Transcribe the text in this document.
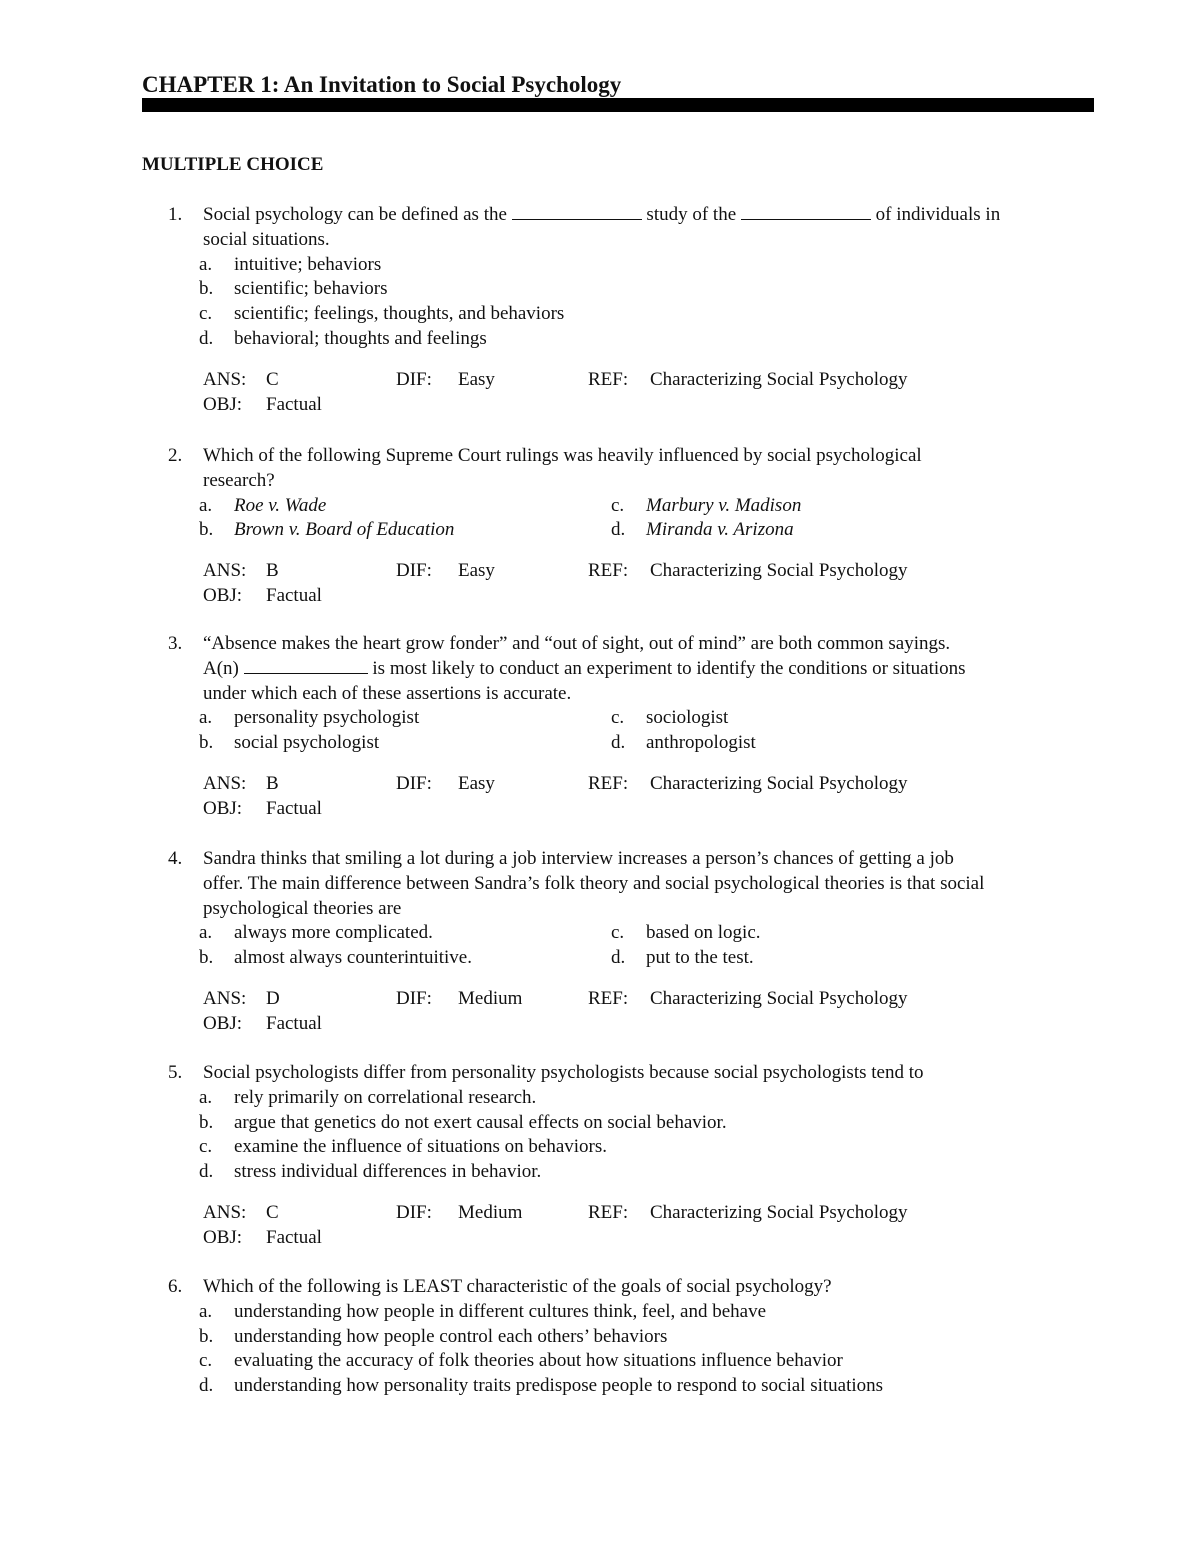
CHAPTER 1: An Invitation to Social Psychology
MULTIPLE CHOICE
1. Social psychology can be defined as the	study of the	of individuals in
social situations.
a. intuitive; behaviors
b. scientific; behaviors
c. scientific; feelings, thoughts, and behaviors
d. behavioral; thoughts and feelings
ANS: C	DIF: Easy	REF: Characterizing Social Psychology
OBJ: Factual
2. Which of the following Supreme Court rulings was heavily influenced by social psychological
research?
a. Roe v. Wade
b. Brown v. Board of Education
c. Marbury v. Madison
d. Miranda v. Arizona
ANS: B	DIF: Easy	REF: Characterizing Social Psychology
OBJ: Factual
3. “Absence makes the heart grow fonder” and “out of sight, out of mind” are both common sayings.
A(n)	is most likely to conduct an experiment to identify the conditions or situations
under which each of these assertions is accurate.
a. personality psychologist
b. social psychologist
c. sociologist
d. anthropologist
ANS: B	DIF: Easy	REF: Characterizing Social Psychology
OBJ: Factual
4. Sandra thinks that smiling a lot during a job interview increases a person’s chances of getting a job
offer. The main difference between Sandra’s folk theory and social psychological theories is that social
psychological theories are
a. always more complicated.
b. almost always counterintuitive.
c. based on logic.
d. put to the test.
ANS: D	DIF: Medium	REF: Characterizing Social Psychology
OBJ: Factual
5. Social psychologists differ from personality psychologists because social psychologists tend to
a. rely primarily on correlational research.
b. argue that genetics do not exert causal effects on social behavior.
c. examine the influence of situations on behaviors.
d. stress individual differences in behavior.
ANS: C	DIF: Medium	REF: Characterizing Social Psychology
OBJ: Factual
6. Which of the following is LEAST characteristic of the goals of social psychology?
a. understanding how people in different cultures think, feel, and behave
b. understanding how people control each others’ behaviors
c. evaluating the accuracy of folk theories about how situations influence behavior
d. understanding how personality traits predispose people to respond to social situations
